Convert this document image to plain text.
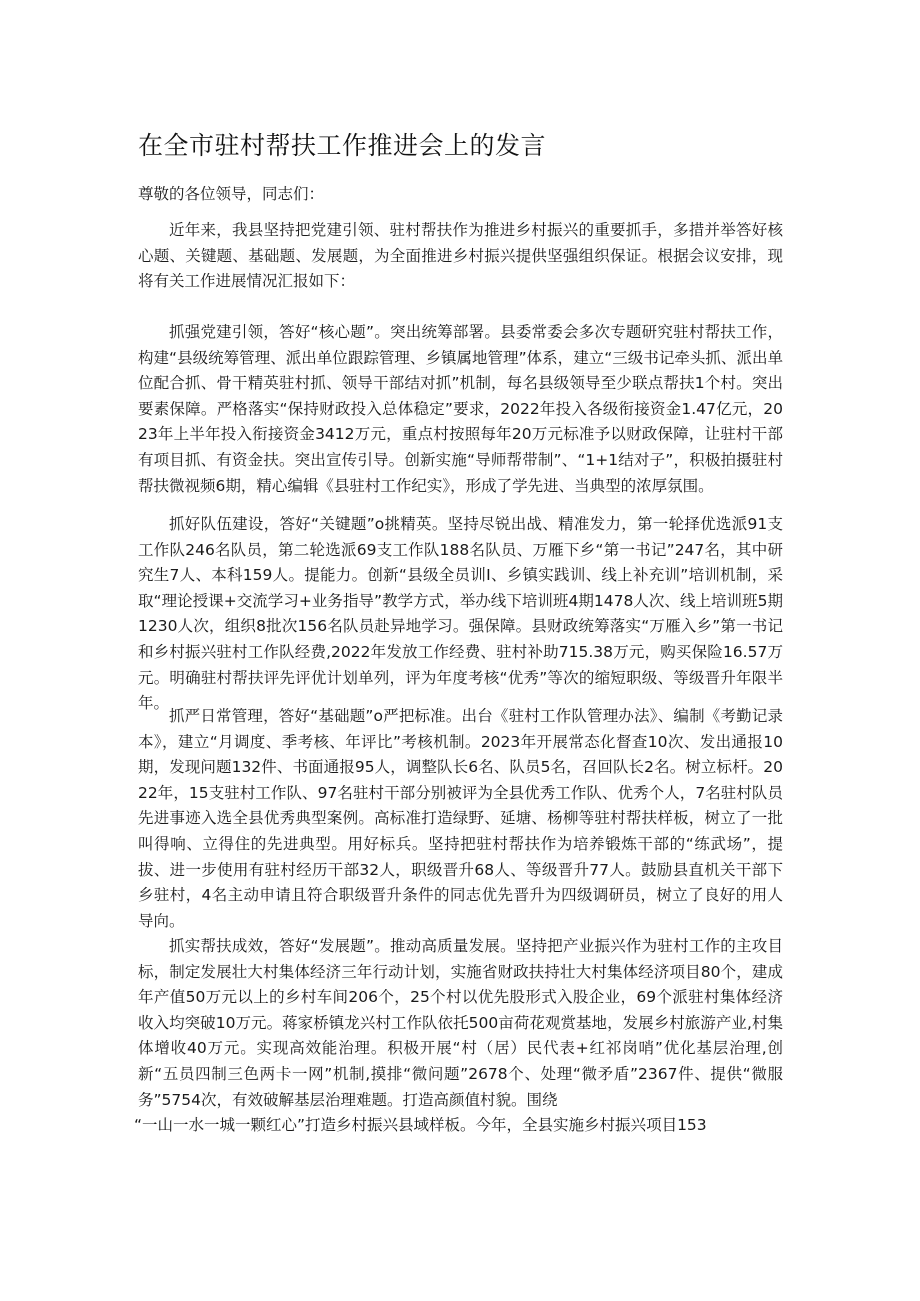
在全市驻村帮扶工作推进会上的发言

尊敬的各位领导，同志们：

近年来，我县坚持把党建引领、驻村帮扶作为推进乡村振兴的重要抓手，多措并举答好核心题、关键题、基础题、发展题，为全面推进乡村振兴提供坚强组织保证。根据会议安排，现将有关工作进展情况汇报如下：

抓强党建引领，答好“核心题”。突出统筹部署。县委常委会多次专题研究驻村帮扶工作，构建“县级统筹管理、派出单位跟踪管理、乡镇属地管理”体系，建立“三级书记牵头抓、派出单位配合抓、骨干精英驻村抓、领导干部结对抓”机制，每名县级领导至少联点帮扶1个村。突出要素保障。严格落实“保持财政投入总体稳定”要求，2022年投入各级衔接资金1.47亿元，2023年上半年投入衔接资金3412万元，重点村按照每年20万元标准予以财政保障，让驻村干部有项目抓、有资金扶。突出宣传引导。创新实施“导师帮带制”、“1+1结对子”，积极拍摄驻村帮扶微视频6期，精心编辑《县驻村工作纪实》，形成了学先进、当典型的浓厚氛围。

抓好队伍建设，答好“关键题”o挑精英。坚持尽锐出战、精准发力，第一轮择优选派91支工作队246名队员，第二轮选派69支工作队188名队员、万雁下乡“第一书记”247名，其中研究生7人、本科159人。提能力。创新“县级全员训I、乡镇实践训、线上补充训”培训机制，采取“理论授课+交流学习+业务指导”教学方式，举办线下培训班4期1478人次、线上培训班5期1230人次，组织8批次156名队员赴异地学习。强保障。县财政统筹落实“万雁入乡”第一书记和乡村振兴驻村工作队经费,2022年发放工作经费、驻村补助715.38万元，购买保险16.57万元。明确驻村帮扶评先评优计划单列，评为年度考核“优秀”等次的缩短职级、等级晋升年限半年。

抓严日常管理，答好“基础题”o严把标准。出台《驻村工作队管理办法》、编制《考勤记录本》，建立“月调度、季考核、年评比”考核机制。2023年开展常态化督查10次、发出通报10期，发现问题132件、书面通报95人，调整队长6名、队员5名，召回队长2名。树立标杆。2022年，15支驻村工作队、97名驻村干部分别被评为全县优秀工作队、优秀个人，7名驻村队员先进事迹入选全县优秀典型案例。高标准打造绿野、延塘、杨柳等驻村帮扶样板，树立了一批叫得响、立得住的先进典型。用好标兵。坚持把驻村帮扶作为培养锻炼干部的“练武场”，提拔、进一步使用有驻村经历干部32人，职级晋升68人、等级晋升77人。鼓励县直机关干部下乡驻村，4名主动申请且符合职级晋升条件的同志优先晋升为四级调研员，树立了良好的用人导向。

抓实帮扶成效，答好“发展题”。推动高质量发展。坚持把产业振兴作为驻村工作的主攻目标，制定发展壮大村集体经济三年行动计划，实施省财政扶持壮大村集体经济项目80个，建成年产值50万元以上的乡村车间206个，25个村以优先股形式入股企业，69个派驻村集体经济收入均突破10万元。蒋家桥镇龙兴村工作队依托500亩荷花观赏基地，发展乡村旅游产业,村集体增收40万元。实现高效能治理。积极开展“村（居）民代表+红祁岗哨”优化基层治理,创新“五员四制三色两卡一网”机制,摸排“微问题”2678个、处理“微矛盾”2367件、提供“微服务”5754次，有效破解基层治理难题。打造高颜值村貌。围绕
“一山一水一城一颗红心”打造乡村振兴县域样板。今年，全县实施乡村振兴项目153
